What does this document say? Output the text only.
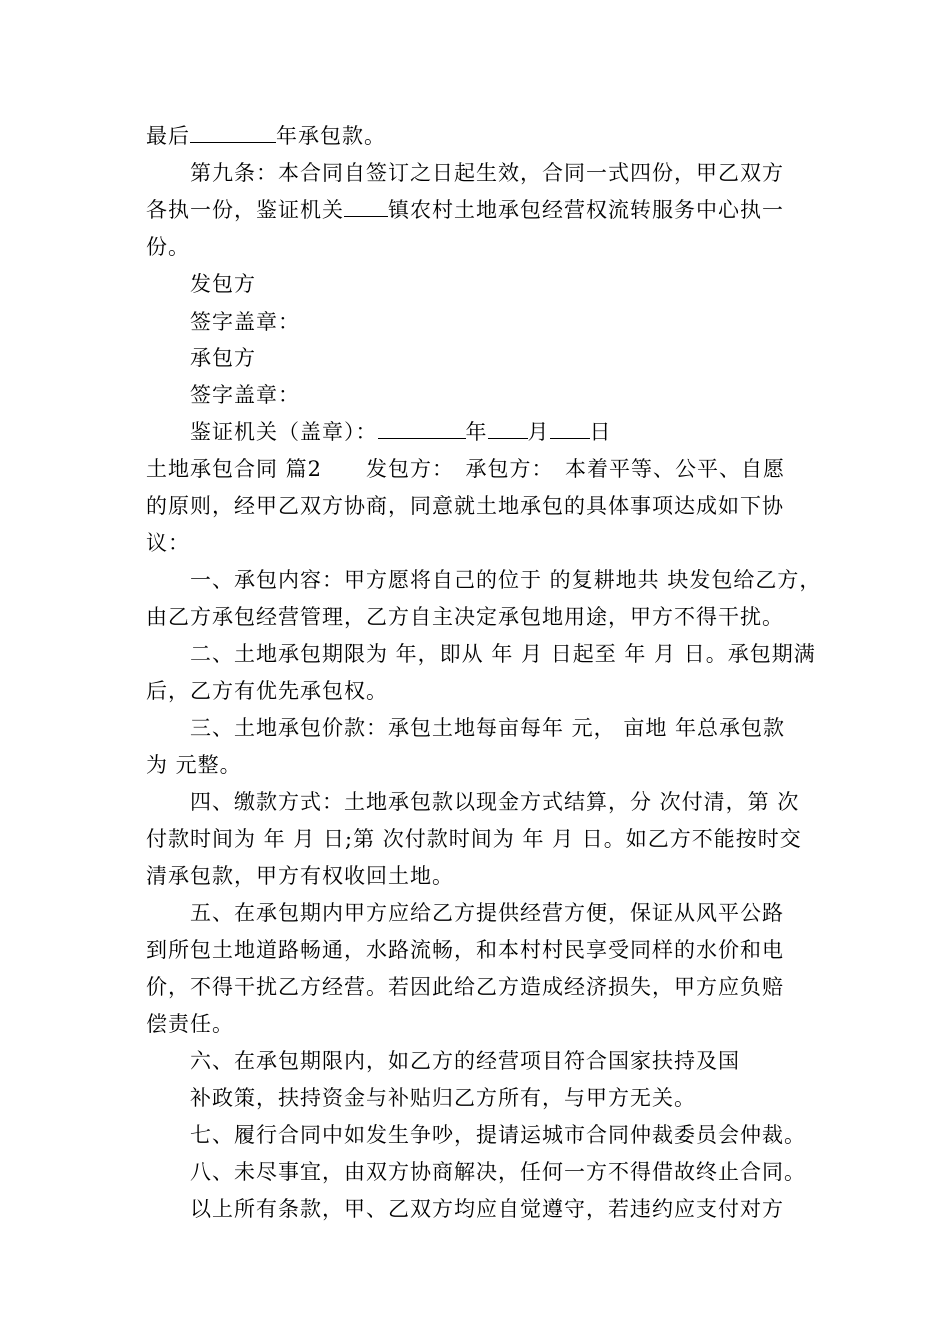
最后	年承包款。
第九条：本合同自签订之日起生效，合同一式四份，甲乙双方
各执一份，鉴证机关 镇农村土地承包经营权流转服务中心执一
份。
发包方
签字盖章：
承包方
签字盖章：
鉴证机关（盖章）：	年 月 日
土地承包合同 篇2　　发包方：　承包方：　本着平等、公平、自愿
的原则，经甲乙双方协商，同意就土地承包的具体事项达成如下协
议：
一、承包内容：甲方愿将自己的位于 的复耕地共 块发包给乙方，
由乙方承包经营管理，乙方自主决定承包地用途，甲方不得干扰。
二、土地承包期限为 年，即从 年 月 日起至 年 月 日。承包期满
后，乙方有优先承包权。
三、土地承包价款：承包土地每亩每年 元， 亩地 年总承包款
为 元整。
四、缴款方式：土地承包款以现金方式结算，分 次付清，第 次
付款时间为 年 月 日;第 次付款时间为 年 月 日。如乙方不能按时交
清承包款，甲方有权收回土地。
五、在承包期内甲方应给乙方提供经营方便，保证从风平公路
到所包土地道路畅通，水路流畅，和本村村民享受同样的水价和电
价，不得干扰乙方经营。若因此给乙方造成经济损失，甲方应负赔
偿责任。
六、在承包期限内，如乙方的经营项目符合国家扶持及国
补政策，扶持资金与补贴归乙方所有，与甲方无关。
七、履行合同中如发生争吵，提请运城市合同仲裁委员会仲裁。
八、未尽事宜，由双方协商解决，任何一方不得借故终止合同。
以上所有条款，甲、乙双方均应自觉遵守，若违约应支付对方
